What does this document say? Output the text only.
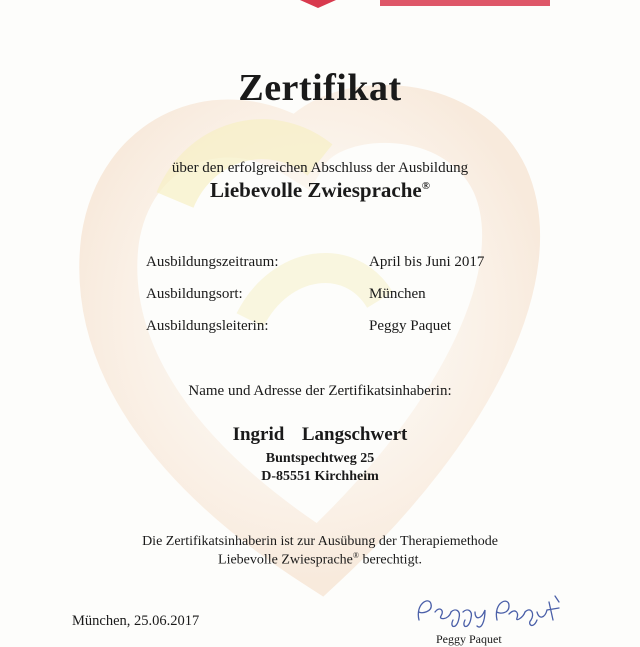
Zertifikat
über den erfolgreichen Abschluss der Ausbildung
Liebevolle Zwiesprache®
Ausbildungszeitraum:	April bis Juni 2017
Ausbildungsort:	München
Ausbildungsleiterin:	Peggy Paquet
Name und Adresse der Zertifikatsinhaberin:
Ingrid  Langschwert
Buntspechtweg 25
D-85551 Kirchheim
Die Zertifikatsinhaberin ist zur Ausübung der Therapiemethode
Liebevolle Zwiesprache® berechtigt.
München, 25.06.2017
Peggy Paquet
